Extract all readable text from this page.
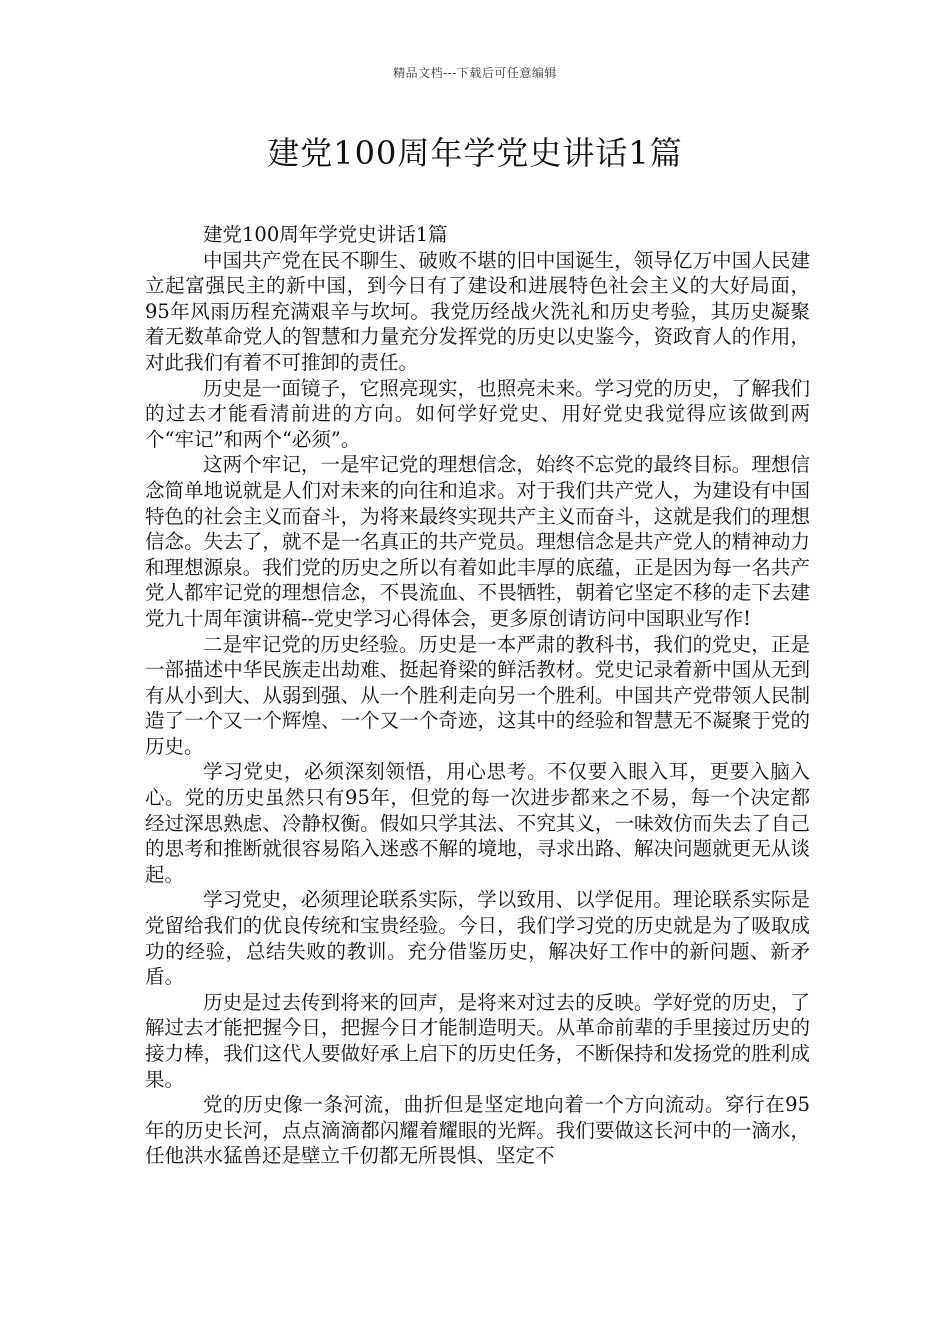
精品文档---下载后可任意编辑
建党100周年学党史讲话1篇

建党100周年学党史讲话1篇

中国共产党在民不聊生、破败不堪的旧中国诞生，领导亿万中国人民建立起富强民主的新中国，到今日有了建设和进展特色社会主义的大好局面，95年风雨历程充满艰辛与坎坷。我党历经战火洗礼和历史考验，其历史凝聚着无数革命党人的智慧和力量充分发挥党的历史以史鉴今，资政育人的作用，对此我们有着不可推卸的责任。

历史是一面镜子，它照亮现实，也照亮未来。学习党的历史，了解我们的过去才能看清前进的方向。如何学好党史、用好党史我觉得应该做到两个“牢记”和两个“必须”。

这两个牢记，一是牢记党的理想信念，始终不忘党的最终目标。理想信念简单地说就是人们对未来的向往和追求。对于我们共产党人，为建设有中国特色的社会主义而奋斗，为将来最终实现共产主义而奋斗，这就是我们的理想信念。失去了，就不是一名真正的共产党员。理想信念是共产党人的精神动力和理想源泉。我们党的历史之所以有着如此丰厚的底蕴，正是因为每一名共产党人都牢记党的理想信念，不畏流血、不畏牺牲，朝着它坚定不移的走下去建党九十周年演讲稿--党史学习心得体会，更多原创请访问中国职业写作!

二是牢记党的历史经验。历史是一本严肃的教科书，我们的党史，正是一部描述中华民族走出劫难、挺起脊梁的鲜活教材。党史记录着新中国从无到有从小到大、从弱到强、从一个胜利走向另一个胜利。中国共产党带领人民制造了一个又一个辉煌、一个又一个奇迹，这其中的经验和智慧无不凝聚于党的历史。

学习党史，必须深刻领悟，用心思考。不仅要入眼入耳，更要入脑入心。党的历史虽然只有95年，但党的每一次进步都来之不易，每一个决定都经过深思熟虑、冷静权衡。假如只学其法、不究其义，一味效仿而失去了自己的思考和推断就很容易陷入迷惑不解的境地，寻求出路、解决问题就更无从谈起。

学习党史，必须理论联系实际，学以致用、以学促用。理论联系实际是党留给我们的优良传统和宝贵经验。今日，我们学习党的历史就是为了吸取成功的经验，总结失败的教训。充分借鉴历史，解决好工作中的新问题、新矛盾。

历史是过去传到将来的回声，是将来对过去的反映。学好党的历史，了解过去才能把握今日，把握今日才能制造明天。从革命前辈的手里接过历史的接力棒，我们这代人要做好承上启下的历史任务，不断保持和发扬党的胜利成果。

党的历史像一条河流，曲折但是坚定地向着一个方向流动。穿行在95年的历史长河，点点滴滴都闪耀着耀眼的光辉。我们要做这长河中的一滴水，任他洪水猛兽还是壁立千仞都无所畏惧、坚定不
